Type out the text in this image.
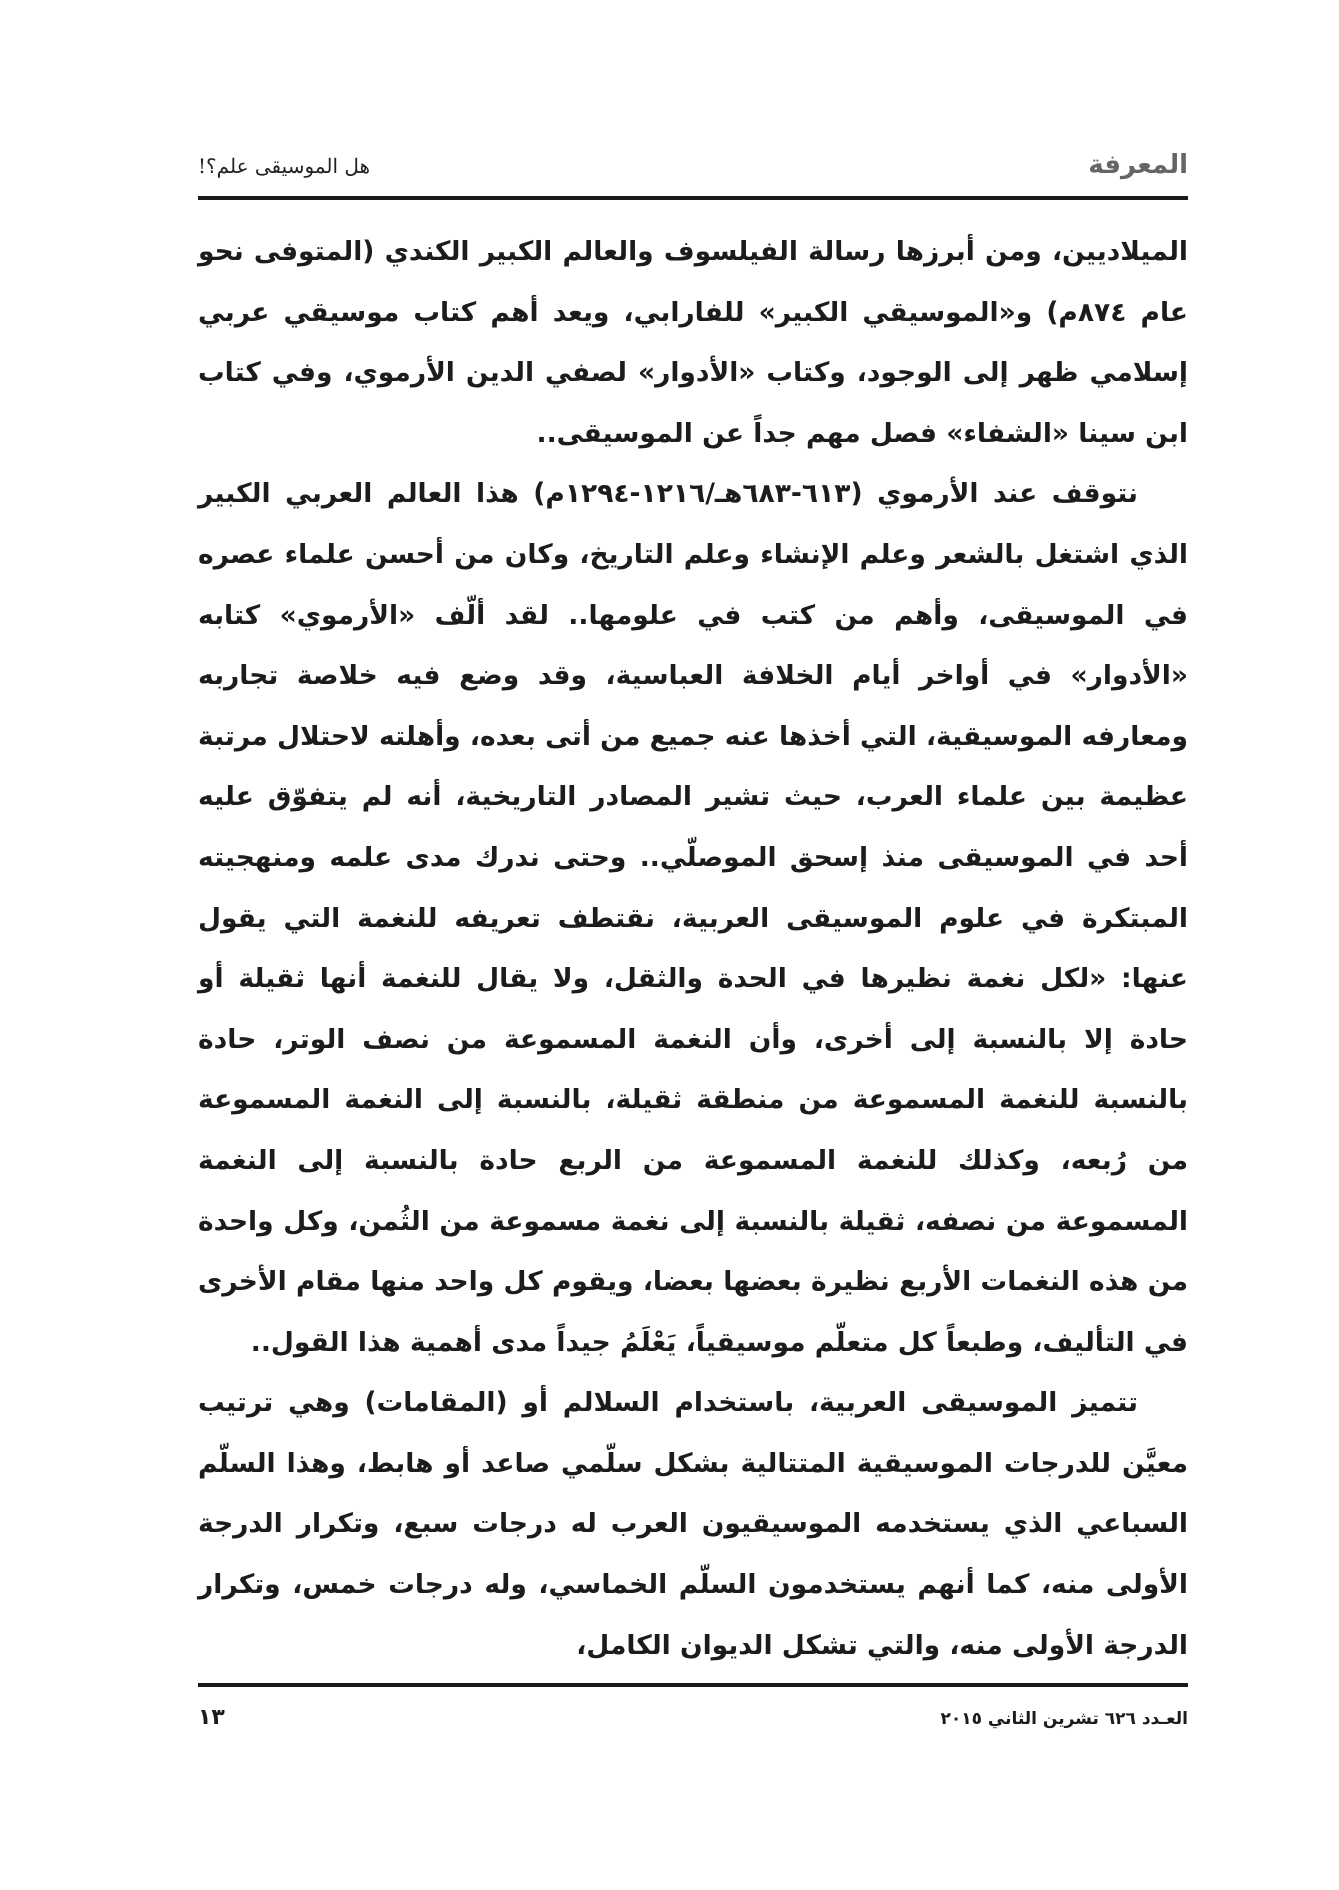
هل الموسيقى علم؟!	المعرفة

الميلاديين، ومن أبرزها رسالة الفيلسوف والعالم الكبير الكندي (المتوفى نحو عام ٨٧٤م) و«الموسيقي الكبير» للفارابي، ويعد أهم كتاب موسيقي عربي إسلامي ظهر إلى الوجود، وكتاب «الأدوار» لصفي الدين الأرموي، وفي كتاب ابن سينا «الشفاء» فصل مهم جداً عن الموسيقى..

نتوقف عند الأرموي (٦١٣-٦٨٣هـ/١٢١٦-١٢٩٤م) هذا العالم العربي الكبير الذي اشتغل بالشعر وعلم الإنشاء وعلم التاريخ، وكان من أحسن علماء عصره في الموسيقى، وأهم من كتب في علومها.. لقد ألّف «الأرموي» كتابه «الأدوار» في أواخر أيام الخلافة العباسية، وقد وضع فيه خلاصة تجاربه ومعارفه الموسيقية، التي أخذها عنه جميع من أتى بعده، وأهلته لاحتلال مرتبة عظيمة بين علماء العرب، حيث تشير المصادر التاريخية، أنه لم يتفوّق عليه أحد في الموسيقى منذ إسحق الموصلّي.. وحتى ندرك مدى علمه ومنهجيته المبتكرة في علوم الموسيقى العربية، نقتطف تعريفه للنغمة التي يقول عنها: «لكل نغمة نظيرها في الحدة والثقل، ولا يقال للنغمة أنها ثقيلة أو حادة إلا بالنسبة إلى أخرى، وأن النغمة المسموعة من نصف الوتر، حادة بالنسبة للنغمة المسموعة من منطقة ثقيلة، بالنسبة إلى النغمة المسموعة من رُبعه، وكذلك للنغمة المسموعة من الربع حادة بالنسبة إلى النغمة المسموعة من نصفه، ثقيلة بالنسبة إلى نغمة مسموعة من الثُمن، وكل واحدة من هذه النغمات الأربع نظيرة بعضها بعضا، ويقوم كل واحد منها مقام الأخرى في التأليف، وطبعاً كل متعلّم موسيقياً، يَعْلَمُ جيداً مدى أهمية هذا القول..

تتميز الموسيقى العربية، باستخدام السلالم أو (المقامات) وهي ترتيب معيَّن للدرجات الموسيقية المتتالية بشكل سلّمي صاعد أو هابط، وهذا السلّم السباعي الذي يستخدمه الموسيقيون العرب له درجات سبع، وتكرار الدرجة الأولى منه، كما أنهم يستخدمون السلّم الخماسي، وله درجات خمس، وتكرار الدرجة الأولى منه، والتي تشكل الديوان الكامل،

العـدد ٦٢٦ تشرين الثاني ٢٠١٥
١٣
